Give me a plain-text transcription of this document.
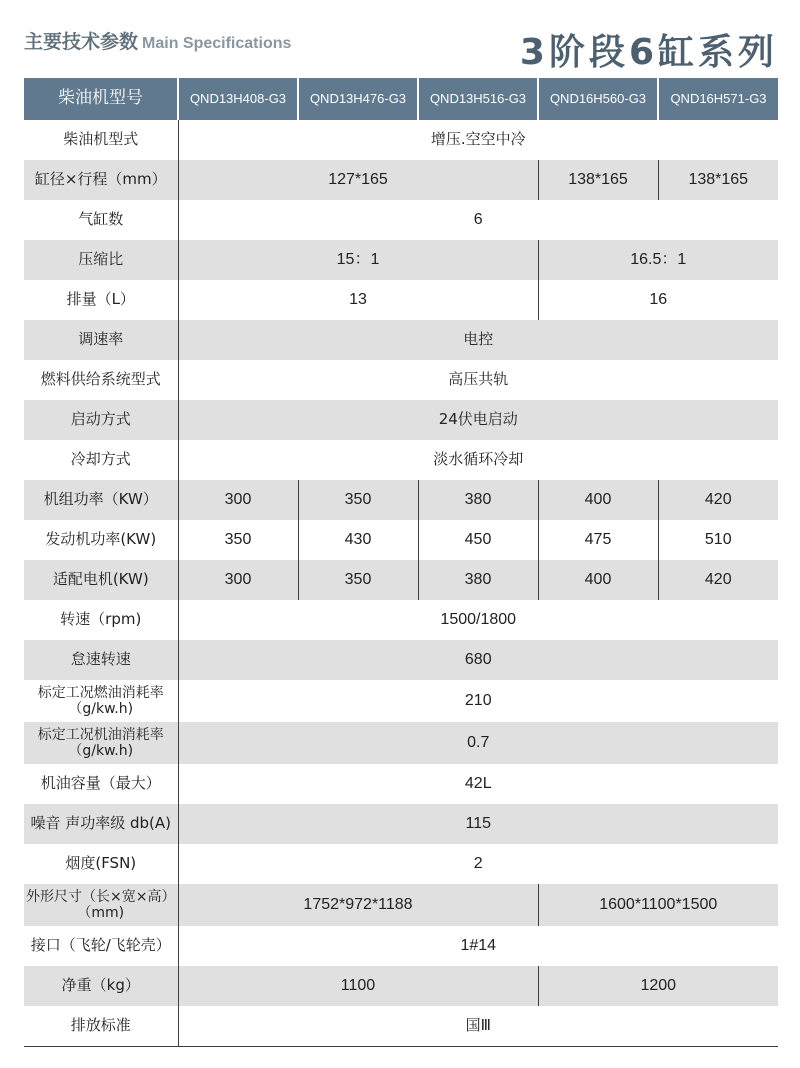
主要技术参数 Main Specifications	3阶段6缸系列
柴油机型号	QND13H408-G3	QND13H476-G3	QND13H516-G3	QND16H560-G3	QND16H571-G3
柴油机型式	增压.空空中冷				
缸径×行程（mm）	127*165			138*165	138*165
气缸数	6				
压缩比	15：1			16.5：1	
排量（L）	13			16	
调速率	电控				
燃料供给系统型式	高压共轨				
启动方式	24伏电启动				
冷却方式	淡水循环冷却				
机组功率（KW）	300	350	380	400	420
发动机功率(KW)	350	430	450	475	510
适配电机(KW)	300	350	380	400	420
转速（rpm)	1500/1800				
怠速转速	680				
标定工况燃油消耗率（g/kw.h)	210				
标定工况机油消耗率（g/kw.h)	0.7				
机油容量（最大）	42L				
噪音 声功率级 db(A)	115				
烟度(FSN)	2				
外形尺寸（长×宽×高）（mm)	1752*972*1188			1600*1100*1500	
接口（飞轮/飞轮壳）	1#14				
净重（kg）	1100			1200	
排放标准	国Ⅲ				
